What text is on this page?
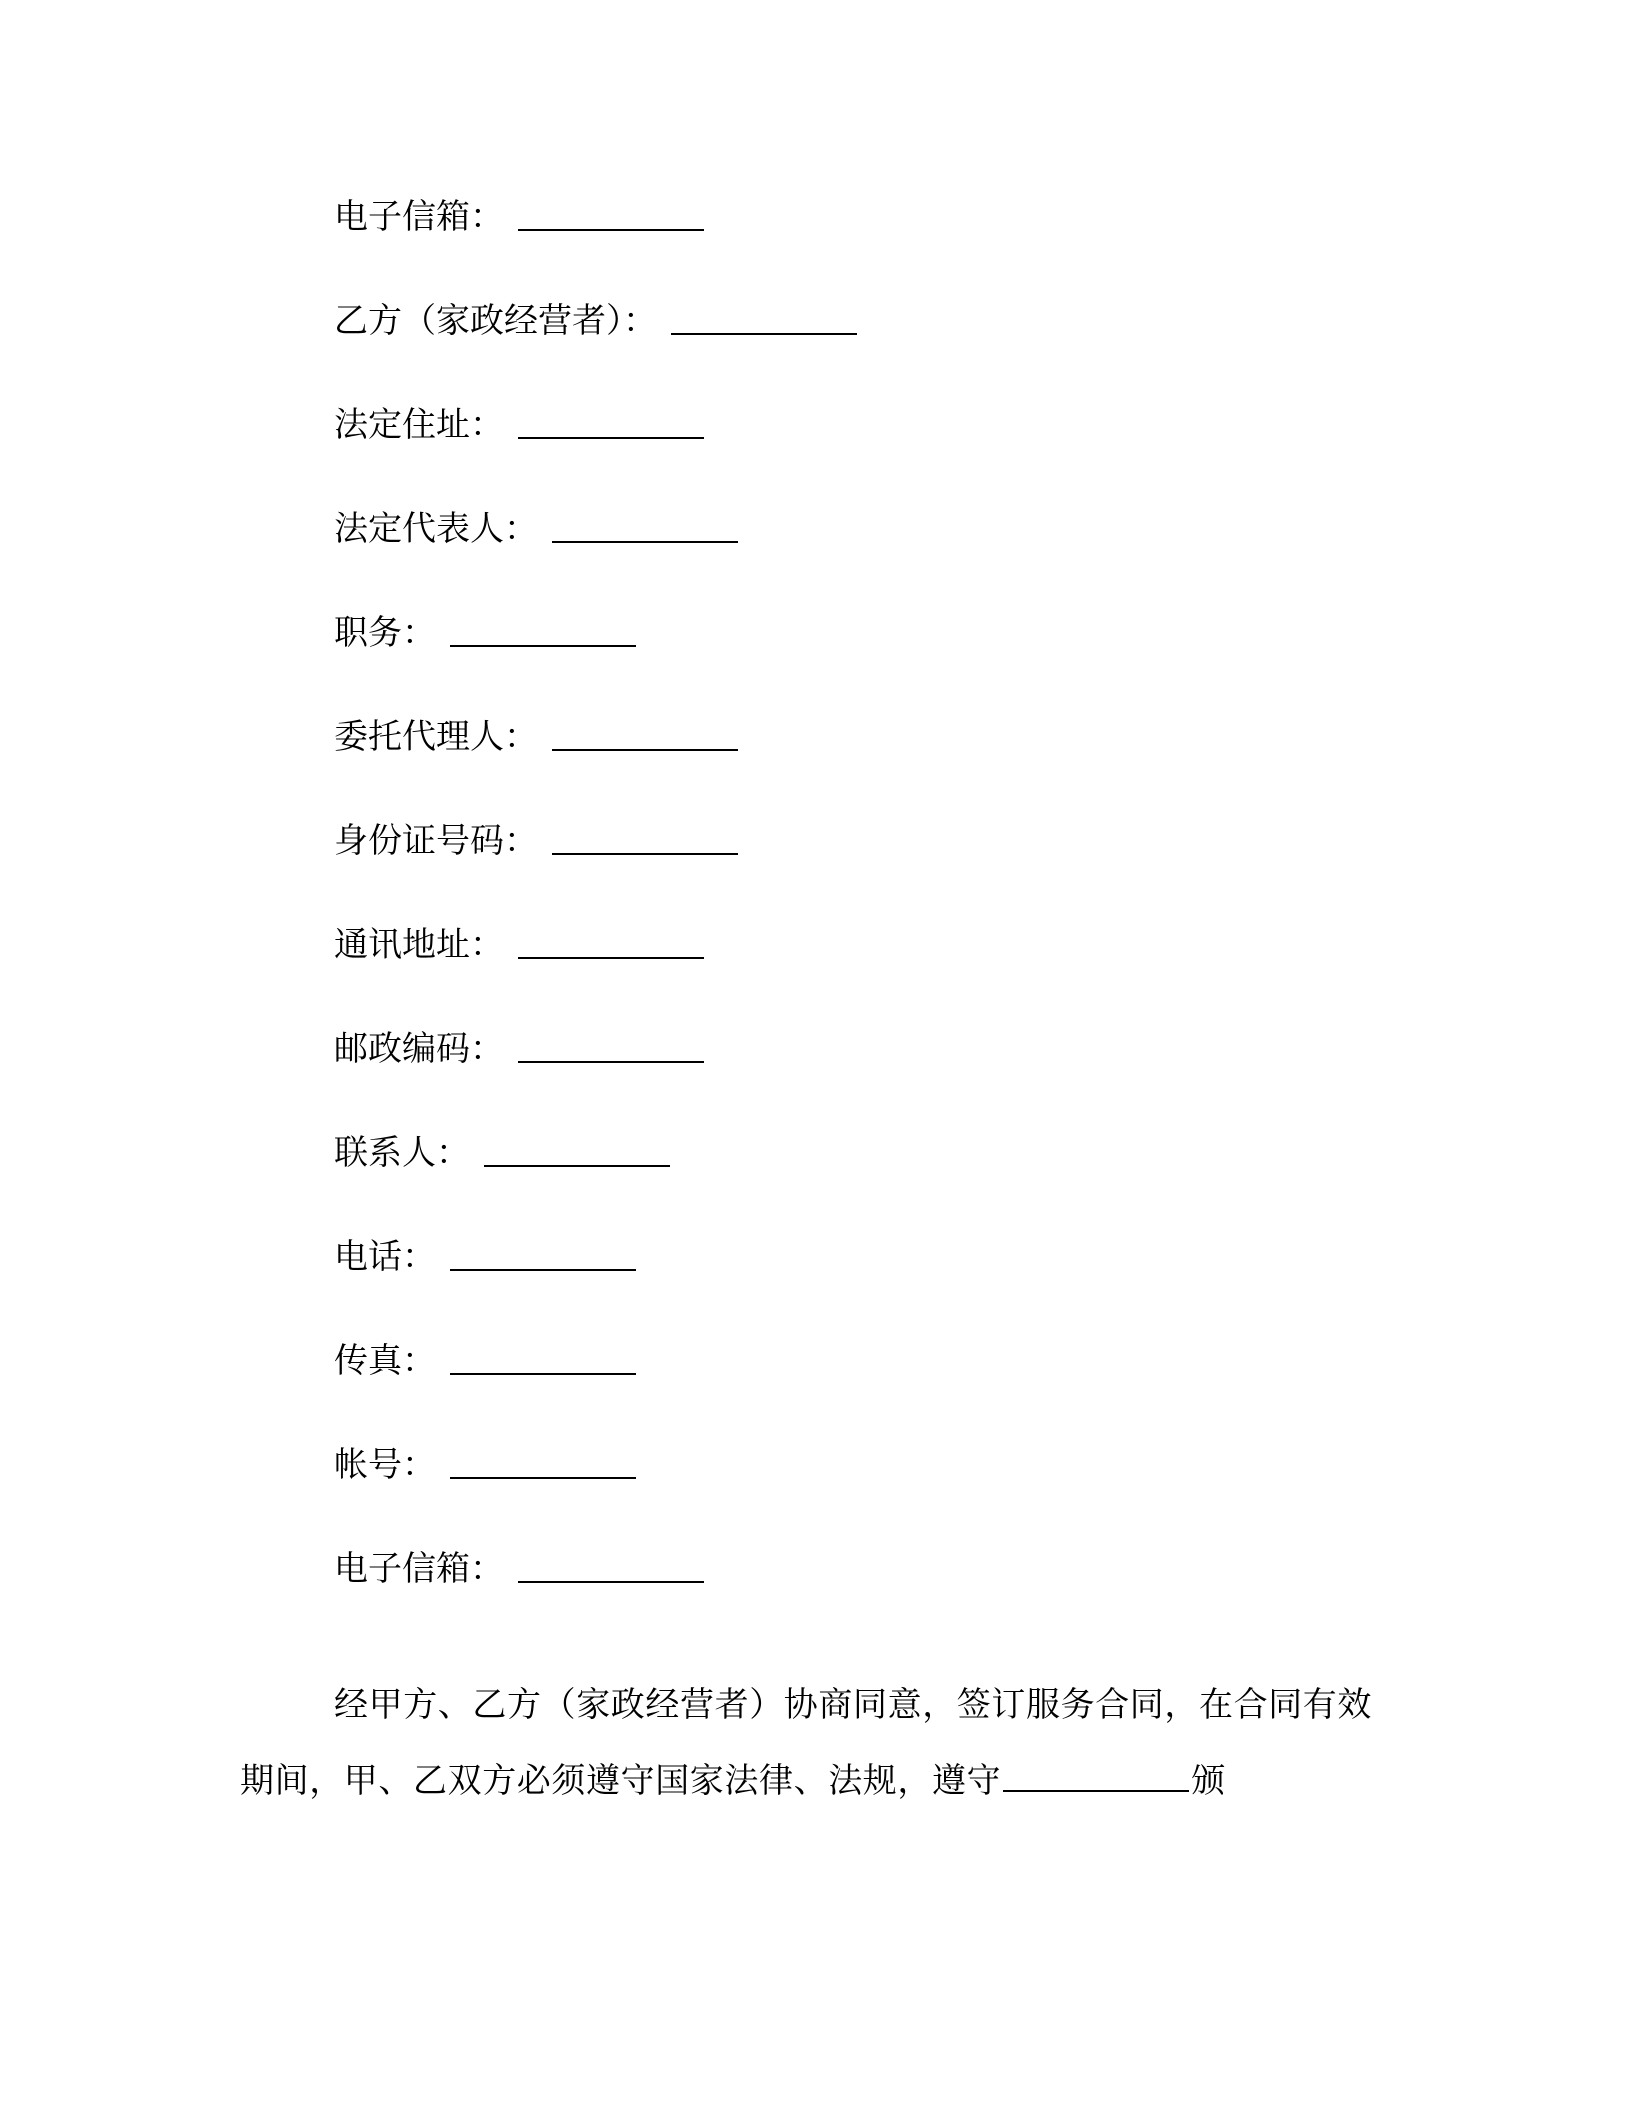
电子信箱：
乙方（家政经营者）：
法定住址：
法定代表人：
职务：
委托代理人：
身份证号码：
通讯地址：
邮政编码：
联系人：
电话：
传真：
帐号：
电子信箱：

经甲方、乙方（家政经营者）协商同意，签订服务合同，在合同有效期间，甲、乙双方必须遵守国家法律、法规，遵守	颁
